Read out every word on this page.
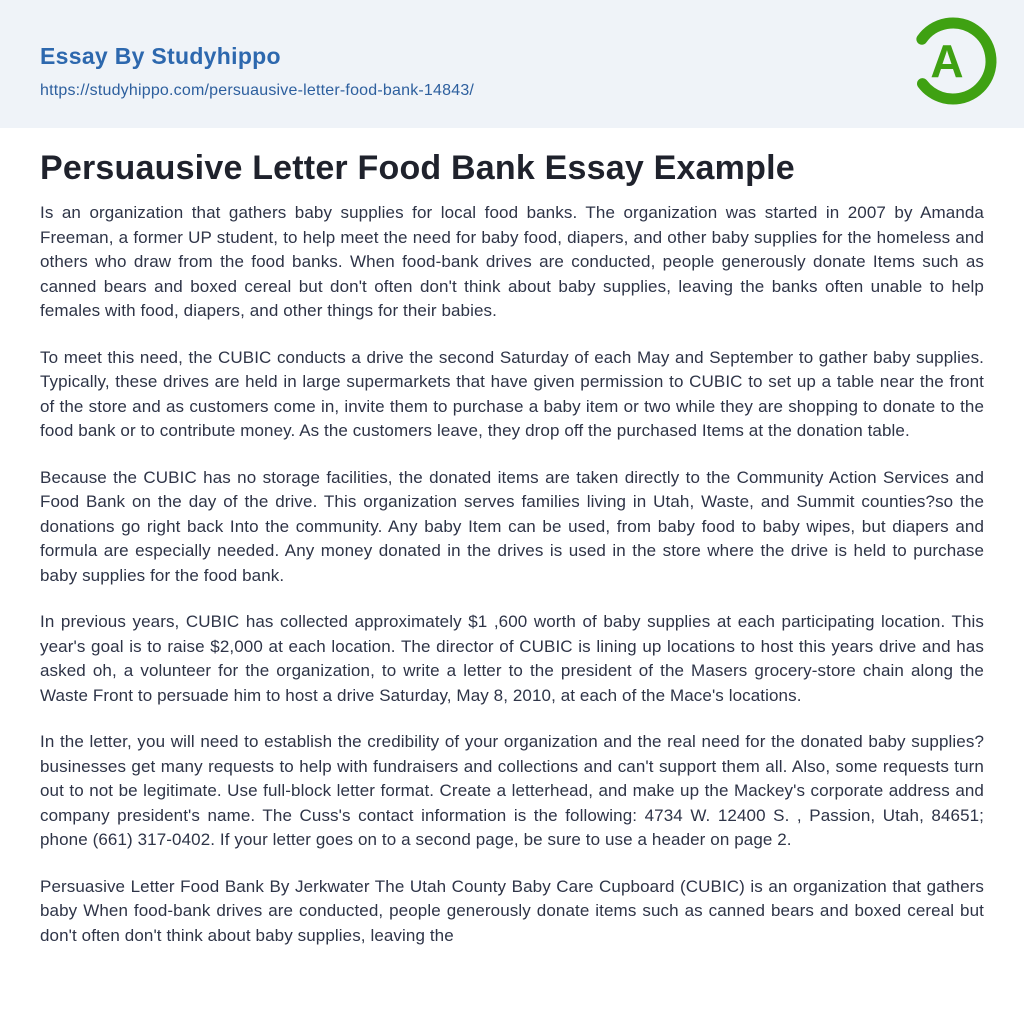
Essay By Studyhippo
https://studyhippo.com/persuausive-letter-food-bank-14843/
A
Persuausive Letter Food Bank Essay Example

Is an organization that gathers baby supplies for local food banks. The organization was started in 2007 by Amanda Freeman, a former UP student, to help meet the need for baby food, diapers, and other baby supplies for the homeless and others who draw from the food banks. When food-bank drives are conducted, people generously donate Items such as canned bears and boxed cereal but don't often don't think about baby supplies, leaving the banks often unable to help females with food, diapers, and other things for their babies.

To meet this need, the CUBIC conducts a drive the second Saturday of each May and September to gather baby supplies. Typically, these drives are held in large supermarkets that have given permission to CUBIC to set up a table near the front of the store and as customers come in, invite them to purchase a baby item or two while they are shopping to donate to the food bank or to contribute money. As the customers leave, they drop off the purchased Items at the donation table.

Because the CUBIC has no storage facilities, the donated items are taken directly to the Community Action Services and Food Bank on the day of the drive. This organization serves families living in Utah, Waste, and Summit counties?so the donations go right back Into the community. Any baby Item can be used, from baby food to baby wipes, but diapers and formula are especially needed. Any money donated in the drives is used in the store where the drive is held to purchase baby supplies for the food bank.

In previous years, CUBIC has collected approximately $1 ,600 worth of baby supplies at each participating location. This year's goal is to raise $2,000 at each location. The director of CUBIC is lining up locations to host this years drive and has asked oh, a volunteer for the organization, to write a letter to the president of the Masers grocery-store chain along the Waste Front to persuade him to host a drive Saturday, May 8, 2010, at each of the Mace's locations.

In the letter, you will need to establish the credibility of your organization and the real need for the donated baby supplies?businesses get many requests to help with fundraisers and collections and can't support them all. Also, some requests turn out to not be legitimate. Use full-block letter format. Create a letterhead, and make up the Mackey's corporate address and company president's name. The Cuss's contact information is the following: 4734 W. 12400 S. , Passion, Utah, 84651; phone (661) 317-0402. If your letter goes on to a second page, be sure to use a header on page 2.

Persuasive Letter Food Bank By Jerkwater The Utah County Baby Care Cupboard (CUBIC) is an organization that gathers baby When food-bank drives are conducted, people generously donate items such as canned bears and boxed cereal but don't often don't think about baby supplies, leaving the
